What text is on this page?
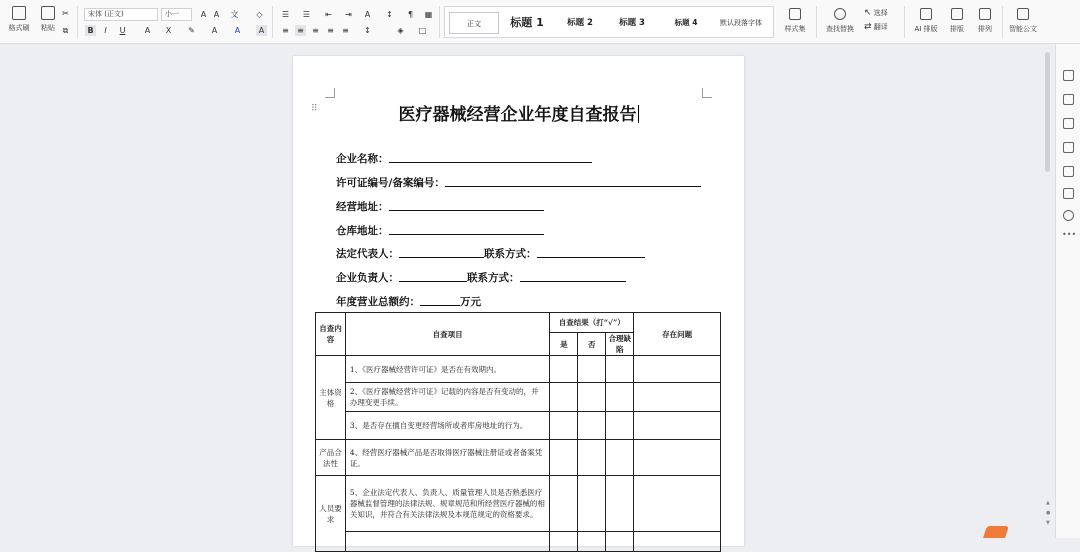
格式刷	粘贴
✂
⧉
宋体 (正文)	小一	A A	文	◇
B	I	U	A	X	✎	A	A	A
☰ ☰ ⇤ ⇥	A	↕	¶	▦
≡ ≡ ≡ ≡ ≡ ↕	◈	□
正文	标题 1	标题 2	标题 3	标题 4	默认段落字体
样式集	查找替换
↖ 选择
⇄ 翻译	AI 排版	排版	排列	智能公文
▲
●
▼
⠿	医疗器械经营企业年度自查报告
企业名称：
许可证编号/备案编号：
经营地址：
仓库地址：
法定代表人：	联系方式：
企业负责人：	联系方式：
年度营业总额约：	万元
自查内容	自查项目	自查结果（打“√”）			存在问题
		是	否	合理缺陷	
主体资格	1、《医疗器械经营许可证》是否在有效期内。				
	2、《医疗器械经营许可证》记载的内容是否有变动的，并办理变更手续。				
	3、是否存在擅自变更经营场所或者库房地址的行为。				
产品合法性	4、经营医疗器械产品是否取得医疗器械注册证或者备案凭证。				
人员要求	5、企业法定代表人、负责人、质量管理人员是否熟悉医疗器械监督管理的法律法规、规章规范和所经营医疗器械的相关知识，并符合有关法律法规及本规范规定的资格要求。				

•••
